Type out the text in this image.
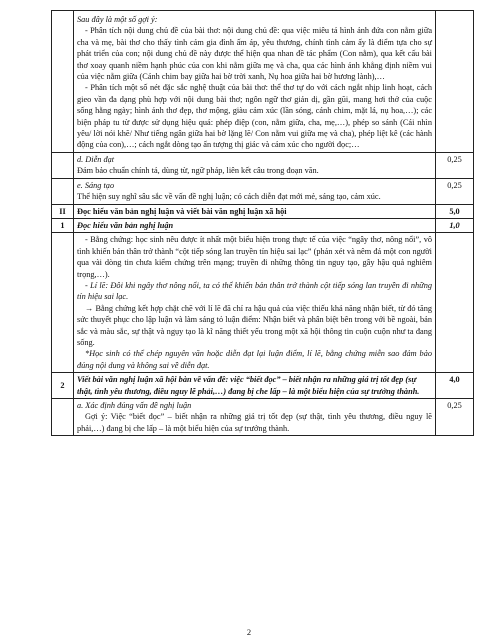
	Sau đây là một số gợi ý:

- Phân tích nội dung chủ đề của bài thơ: nội dung chủ đề: qua việc miêu tả hình ảnh đứa con nằm giữa cha và mẹ, bài thơ cho thấy tình cảm gia đình ấm áp, yêu thương, chính tình cảm ấy là điểm tựa cho sự phát triển của con; nội dung chủ đề này được thể hiện qua nhan đề tác phẩm (Con nằm), qua kết cấu bài thơ xoay quanh niềm hạnh phúc của con khi nằm giữa mẹ và cha, qua các hình ảnh khẳng định niềm vui của việc nằm giữa (Cánh chim bay giữa hai bờ trời xanh, Nụ hoa giữa hai bờ hương lành),…

- Phân tích một số nét đặc sắc nghệ thuật của bài thơ: thể thơ tự do với cách ngắt nhịp linh hoạt, cách gieo vần đa dạng phù hợp với nội dung bài thơ; ngôn ngữ thơ giản dị, gần gũi, mang hơi thở của cuộc sống hằng ngày; hình ảnh thơ đẹp, thơ mộng, giàu cảm xúc (lần sóng, cánh chim, mặt lá, nụ hoa,…); các biện pháp tu từ được sử dụng hiệu quả: phép điệp (con, nằm giữa, cha, mẹ,…), phép so sánh (Cái nhìn yêu/ lời nói khẽ/ Như tiếng ngân giữa hai bờ lặng lẽ/ Con nằm vui giữa mẹ và cha), phép liệt kê (các hành động của con),…; cách ngắt dòng tạo ấn tượng thị giác và cảm xúc cho người đọc;…	

	d. Diễn đạt

Đảm bảo chuẩn chính tả, dùng từ, ngữ pháp, liên kết câu trong đoạn văn.	0,25

	e. Sáng tạo

Thể hiện suy nghĩ sâu sắc về vấn đề nghị luận; có cách diễn đạt mới mẻ, sáng tạo, cảm xúc.	0,25
II	Đọc hiểu văn bản nghị luận và viết bài văn nghị luận xã hội	5,0
1	Đọc hiểu văn bản nghị luận	1,0

	- Bằng chứng: học sinh nêu được ít nhất một biểu hiện trong thực tế của việc “ngây thơ, nông nổi”, vô tình khiến bản thân trở thành “cột tiếp sóng lan truyền tín hiệu sai lạc” (phản xét và nêm đá một con người qua vài dòng tin chưa kiểm chứng trên mạng; truyền đi những thông tin nguy tạo, gây hậu quả nghiêm trọng,…).

- Lí lẽ: Đôi khi ngây thơ nông nổi, ta có thể khiến bản thân trở thành cột tiếp sóng lan truyền đi những tín hiệu sai lạc.

→ Bằng chứng kết hợp chặt chẽ với lí lẽ đã chỉ ra hậu quả của việc thiếu khả năng nhận biết, từ đó tăng sức thuyết phục cho lập luận và làm sáng tỏ luận điểm: Nhận biết và phân biệt bên trong với bề ngoài, bản sắc và màu sắc, sự thật và ngụy tạo là kĩ năng thiết yếu trong một xã hội thông tin cuộn cuộn như ta đang sống.

*Học sinh có thể chép nguyên văn hoặc diễn đạt lại luận điểm, lí lẽ, bằng chứng miễn sao đảm bảo đúng nội dung và không sai về diễn đạt.	

2	Viết bài văn nghị luận xã hội bàn về vấn đề: việc “biết đọc” – biết nhận ra những giá trị tốt đẹp (sự thật, tình yêu thương, điều nguy lẽ phải,…) đang bị che lấp – là một biểu hiện của sự trưởng thành.	4,0

	a. Xác định đúng vấn đề nghị luận

Gợi ý: Việc “biết đọc” – biết nhận ra những giá trị tốt đẹp (sự thật, tình yêu thương, điều nguy lẽ phải,…) đang bị che lấp – là một biểu hiện của sự trưởng thành.	0,25
2
